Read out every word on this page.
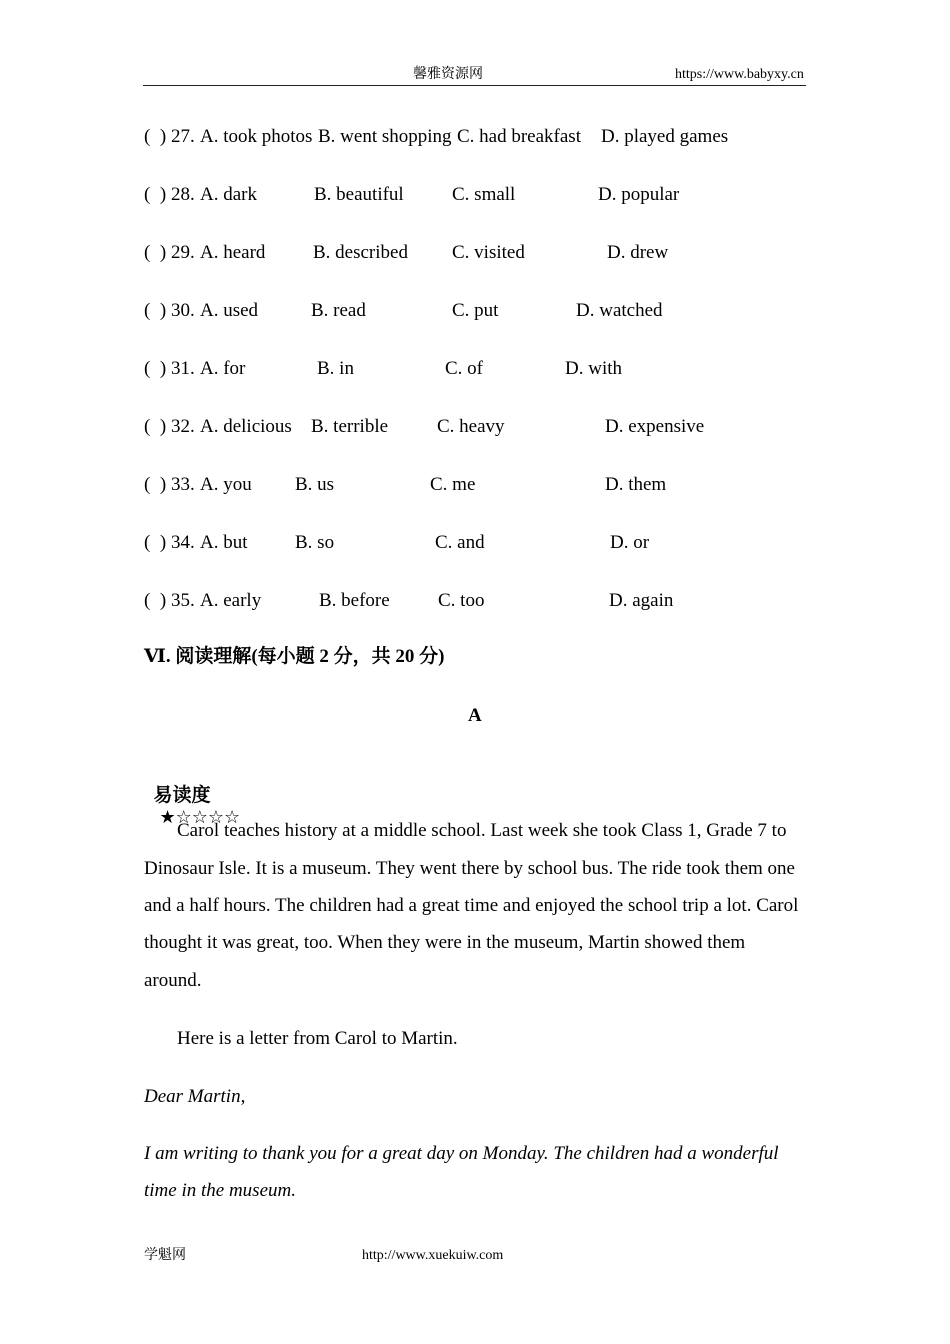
馨雅资源网	https://www.babyxy.cn
( ) 27. A. took photos B. went shopping C. had breakfast D. played games
( ) 28. A. dark	B. beautiful	C. small	D. popular
( ) 29. A. heard	B. described C. visited	D. drew
( ) 30. A. used	B. read	C. put	D. watched
( ) 31. A. for	B. in	C. of	D. with
( ) 32. A. delicious B. terrible	C. heavy	D. expensive
( ) 33. A. you B. us	C. me	D. them
( ) 34. A. but	B. so	C. and	D. or
( ) 35. A. early	B. before	C. too	D. again
Ⅵ. 阅读理解(每小题 2 分，共 20 分)
A

易读度
★☆☆☆☆

Carol teaches history at a middle school. Last week she took Class 1, Grade 7 to
Dinosaur Isle. It is a museum. They went there by school bus. The ride took them one
and a half hours. The children had a great time and enjoyed the school trip a lot. Carol
thought it was great, too. When they were in the museum, Martin showed them
around.
Here is a letter from Carol to Martin.
Dear Martin,
I am writing to thank you for a great day on Monday. The children had a wonderful
time in the museum.
学魁网	http://www.xuekuiw.com
